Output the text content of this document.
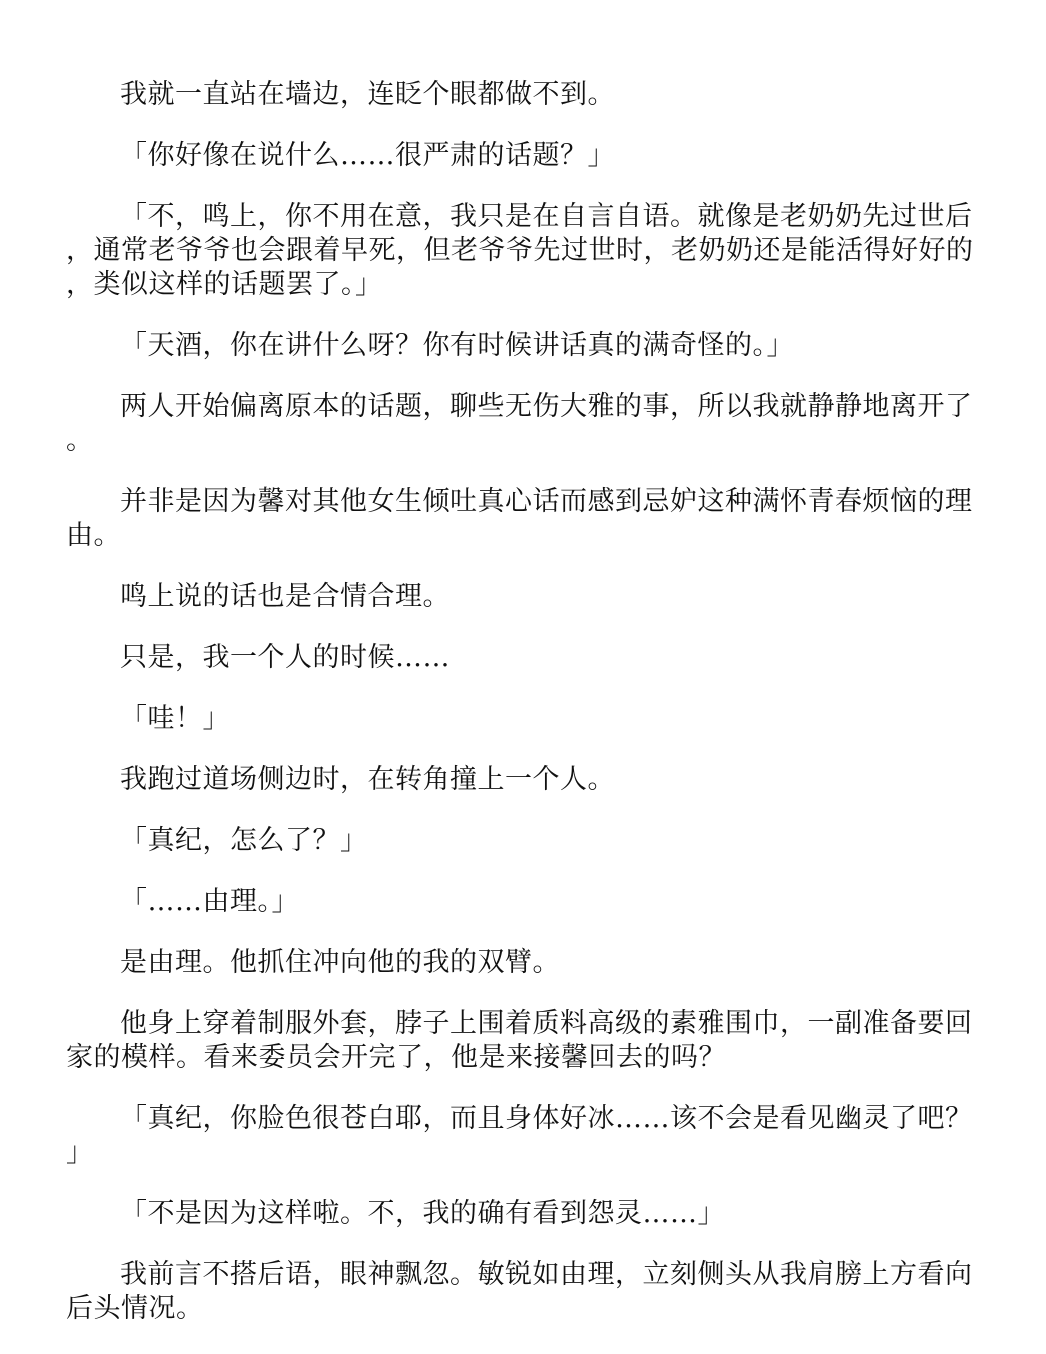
我就一直站在墙边，连眨个眼都做不到。

「你好像在说什么……很严肃的话题？」

「不，鸣上，你不用在意，我只是在自言自语。就像是老奶奶先过世后，通常老爷爷也会跟着早死，但老爷爷先过世时，老奶奶还是能活得好好的，类似这样的话题罢了。」

「天酒，你在讲什么呀？你有时候讲话真的满奇怪的。」

两人开始偏离原本的话题，聊些无伤大雅的事，所以我就静静地离开了。

并非是因为馨对其他女生倾吐真心话而感到忌妒这种满怀青春烦恼的理由。

鸣上说的话也是合情合理。

只是，我一个人的时候……

「哇！」

我跑过道场侧边时，在转角撞上一个人。

「真纪，怎么了？」

「……由理。」

是由理。他抓住冲向他的我的双臂。

他身上穿着制服外套，脖子上围着质料高级的素雅围巾，一副准备要回家的模样。看来委员会开完了，他是来接馨回去的吗？

「真纪，你脸色很苍白耶，而且身体好冰……该不会是看见幽灵了吧？」

「不是因为这样啦。不，我的确有看到怨灵……」

我前言不搭后语，眼神飘忽。敏锐如由理，立刻侧头从我肩膀上方看向后头情况。
